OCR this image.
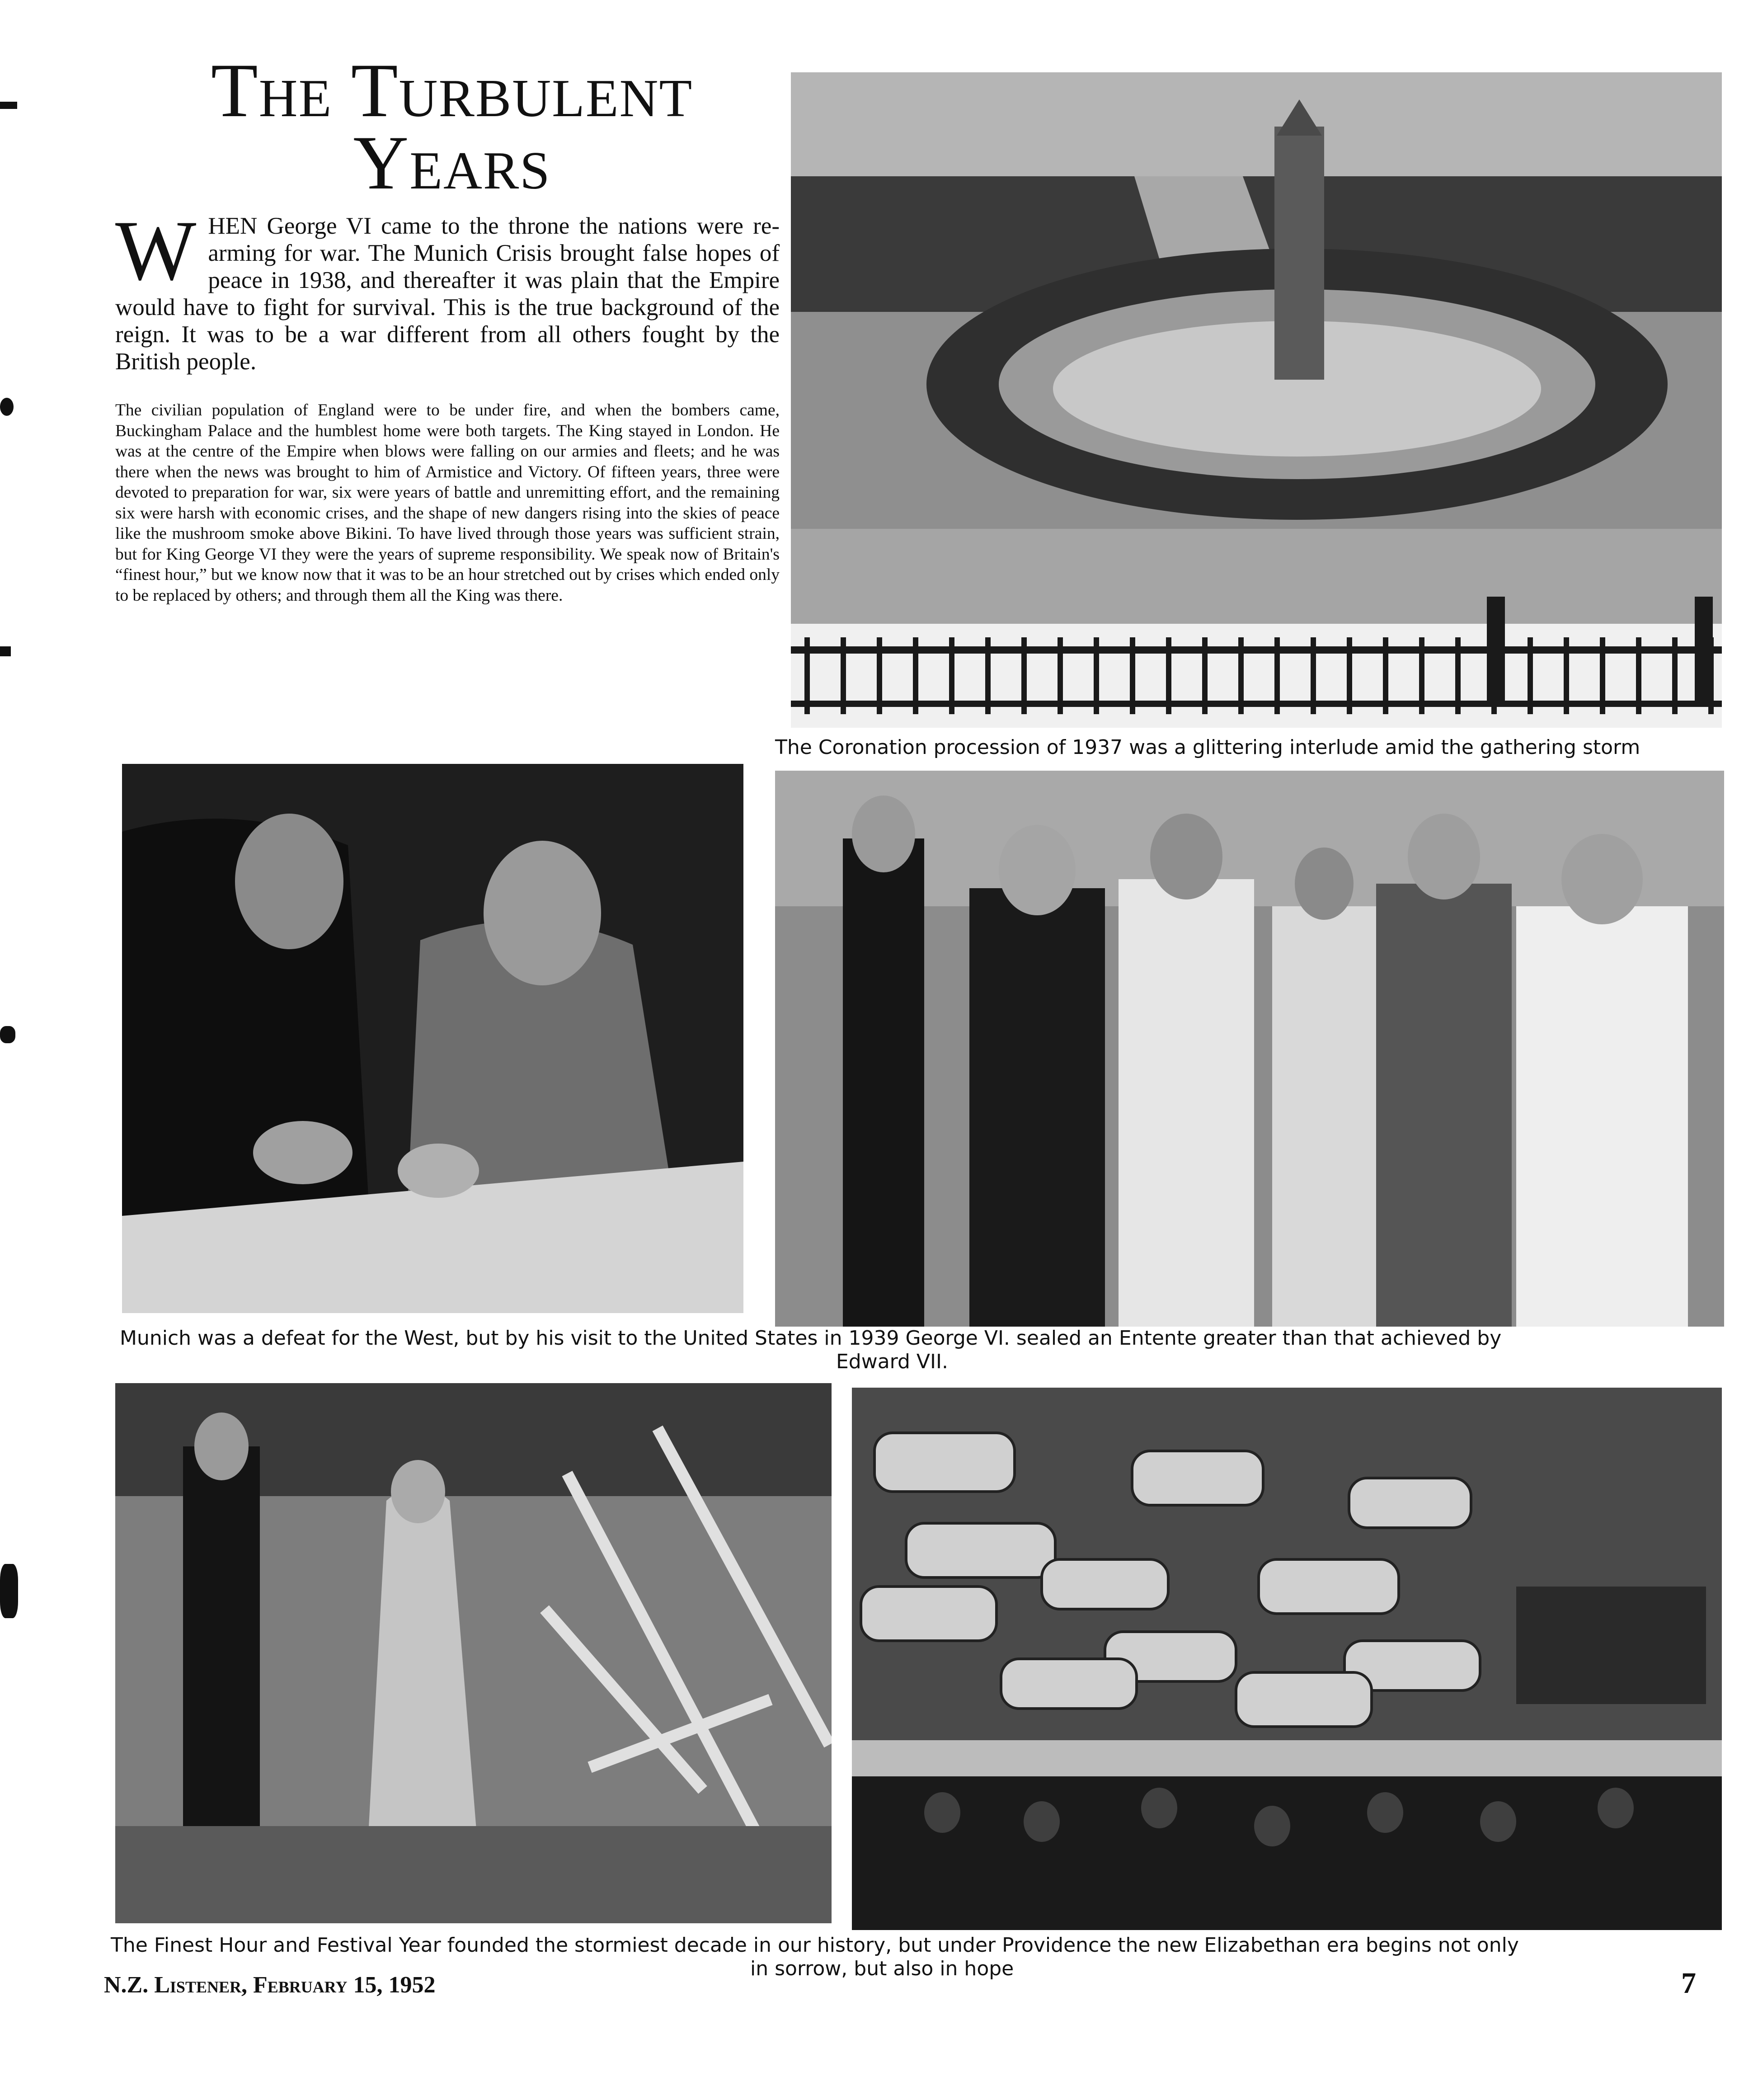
The Turbulent Years

WHEN George VI came to the throne the nations were re-arming for war. The Munich Crisis brought false hopes of peace in 1938, and thereafter it was plain that the Empire would have to fight for survival. This is the true background of the reign. It was to be a war different from all others fought by the British people.

The civilian population of England were to be under fire, and when the bombers came, Buckingham Palace and the humblest home were both targets. The King stayed in London. He was at the centre of the Empire when blows were falling on our armies and fleets; and he was there when the news was brought to him of Armistice and Victory. Of fifteen years, three were devoted to preparation for war, six were years of battle and unremitting effort, and the remaining six were harsh with economic crises, and the shape of new dangers rising into the skies of peace like the mushroom smoke above Bikini. To have lived through those years was sufficient strain, but for King George VI they were the years of supreme responsibility. We speak now of Britain's “finest hour,” but we know now that it was to be an hour stretched out by crises which ended only to be replaced by others; and through them all the King was there.

The Coronation procession of 1937 was a glittering interlude amid the gathering storm

Munich was a defeat for the West, but by his visit to the United States in 1939 George VI. sealed an Entente greater than that achieved by

Edward VII.

The Finest Hour and Festival Year founded the stormiest decade in our history, but under Providence the new Elizabethan era begins not only

in sorrow, but also in hope

N.Z. Listener, February 15, 1952	7
